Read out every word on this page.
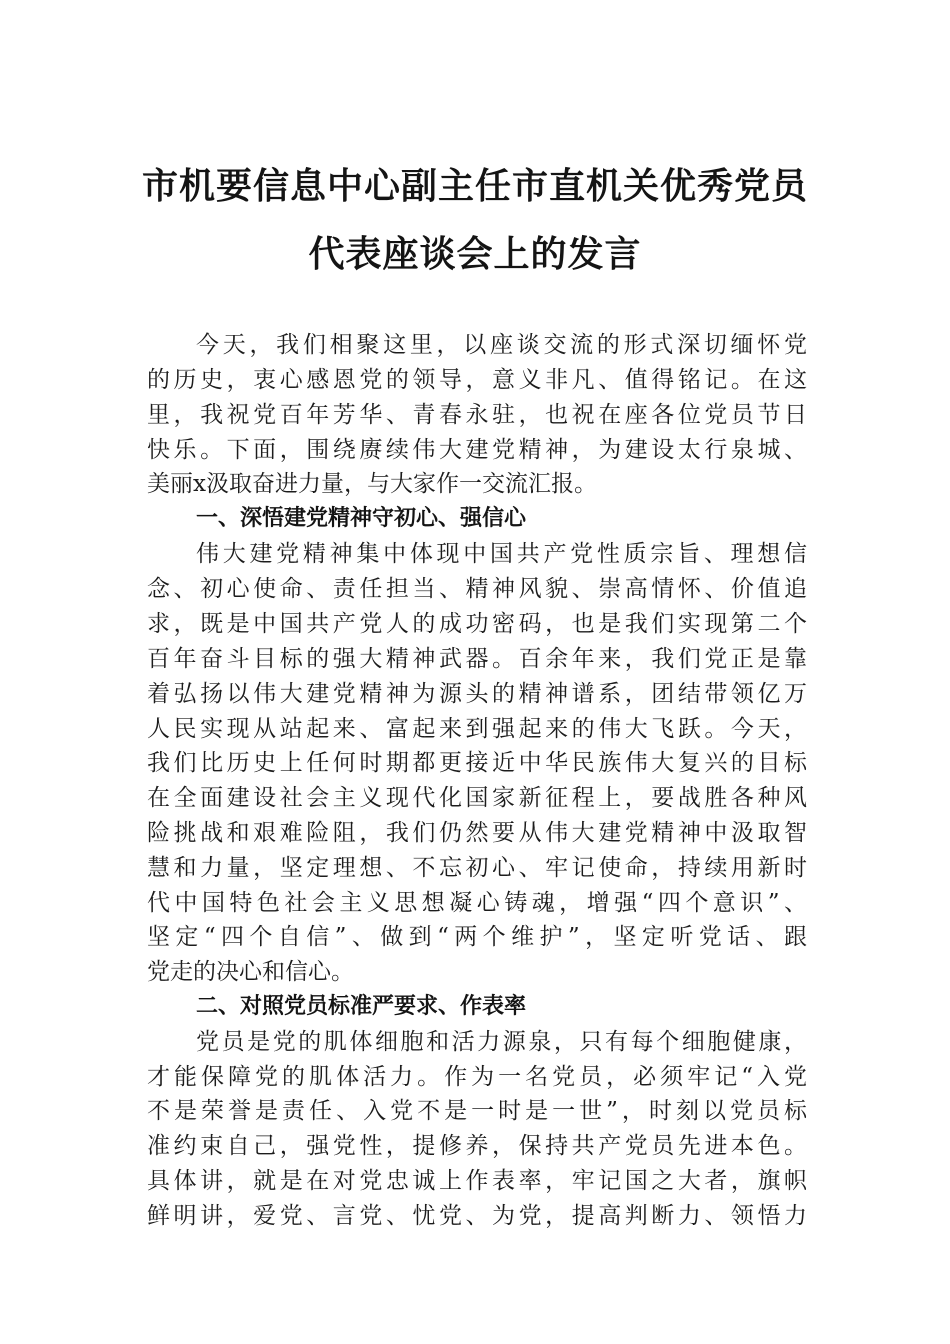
市机要信息中心副主任市直机关优秀党员
代表座谈会上的发言
今天，我们相聚这里，以座谈交流的形式深切缅怀党
的历史，衷心感恩党的领导，意义非凡、值得铭记。在这
里，我祝党百年芳华、青春永驻，也祝在座各位党员节日
快乐。下面，围绕赓续伟大建党精神，为建设太行泉城、
美丽x汲取奋进力量，与大家作一交流汇报。
一、深悟建党精神守初心、强信心
伟大建党精神集中体现中国共产党性质宗旨、理想信
念、初心使命、责任担当、精神风貌、崇高情怀、价值追
求，既是中国共产党人的成功密码，也是我们实现第二个
百年奋斗目标的强大精神武器。百余年来，我们党正是靠
着弘扬以伟大建党精神为源头的精神谱系，团结带领亿万
人民实现从站起来、富起来到强起来的伟大飞跃。今天，
我们比历史上任何时期都更接近中华民族伟大复兴的目标
在全面建设社会主义现代化国家新征程上，要战胜各种风
险挑战和艰难险阻，我们仍然要从伟大建党精神中汲取智
慧和力量，坚定理想、不忘初心、牢记使命，持续用新时
代中国特色社会主义思想凝心铸魂，增强“四个意识”、
坚定“四个自信”、做到“两个维护”，坚定听党话、跟
党走的决心和信心。
二、对照党员标准严要求、作表率
党员是党的肌体细胞和活力源泉，只有每个细胞健康，
才能保障党的肌体活力。作为一名党员，必须牢记“入党
不是荣誉是责任、入党不是一时是一世”，时刻以党员标
准约束自己，强党性，提修养，保持共产党员先进本色。
具体讲，就是在对党忠诚上作表率，牢记国之大者，旗帜
鲜明讲，爱党、言党、忧党、为党，提高判断力、领悟力
